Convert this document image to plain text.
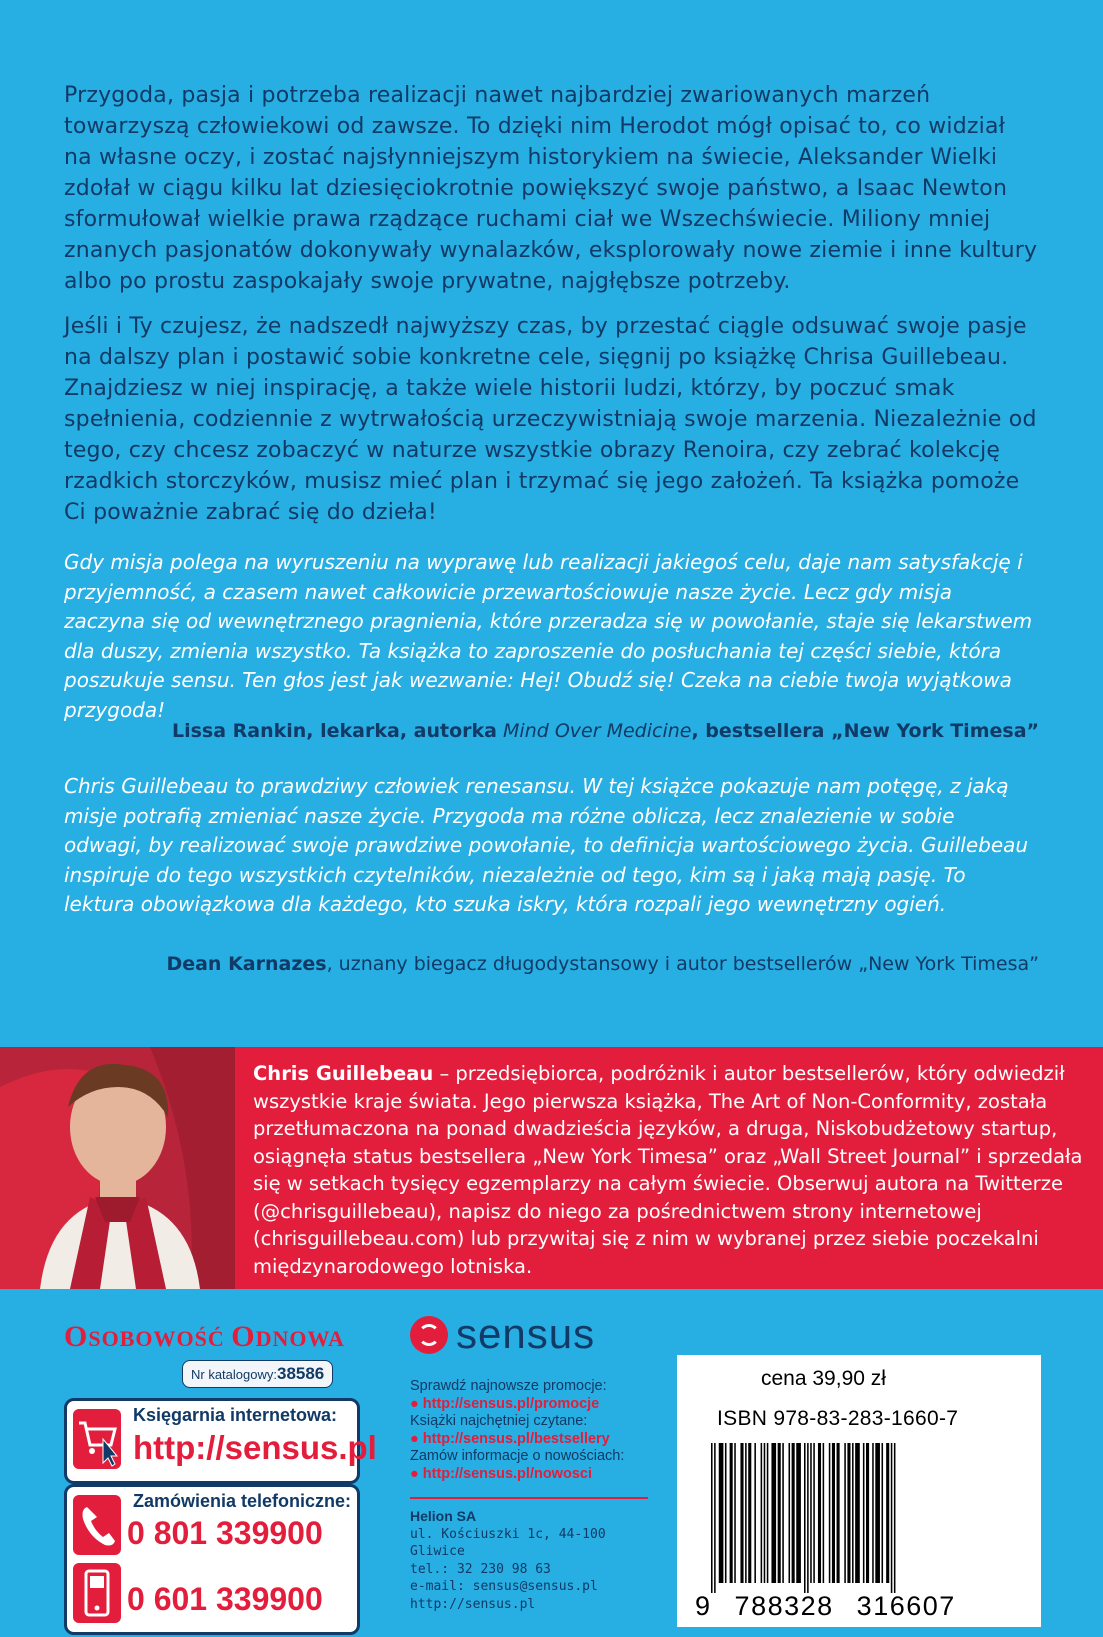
Przygoda, pasja i potrzeba realizacji nawet najbardziej zwariowanych marzeń towarzyszą człowiekowi od zawsze. To dzięki nim Herodot mógł opisać to, co widział na własne oczy, i zostać najsłynniejszym historykiem na świecie, Aleksander Wielki zdołał w ciągu kilku lat dziesięciokrotnie powiększyć swoje państwo, a Isaac Newton sformułował wielkie prawa rządzące ruchami ciał we Wszechświecie. Miliony mniej znanych pasjonatów dokonywały wynalazków, eksplorowały nowe ziemie i inne kultury albo po prostu zaspokajały swoje prywatne, najgłębsze potrzeby.

Jeśli i Ty czujesz, że nadszedł najwyższy czas, by przestać ciągle odsuwać swoje pasje na dalszy plan i postawić sobie konkretne cele, sięgnij po książkę Chrisa Guillebeau. Znajdziesz w niej inspirację, a także wiele historii ludzi, którzy, by poczuć smak spełnienia, codziennie z wytrwałością urzeczywistniają swoje marzenia. Niezależnie od tego, czy chcesz zobaczyć w naturze wszystkie obrazy Renoira, czy zebrać kolekcję rzadkich storczyków, musisz mieć plan i trzymać się jego założeń. Ta książka pomoże Ci poważnie zabrać się do dzieła!

Gdy misja polega na wyruszeniu na wyprawę lub realizacji jakiegoś celu, daje nam satysfakcję i przyjemność, a czasem nawet całkowicie przewartościowuje nasze życie. Lecz gdy misja zaczyna się od wewnętrznego pragnienia, które przeradza się w powołanie, staje się lekarstwem dla duszy, zmienia wszystko. Ta książka to zaproszenie do posłuchania tej części siebie, która poszukuje sensu. Ten głos jest jak wezwanie: Hej! Obudź się! Czeka na ciebie twoja wyjątkowa przygoda!

Lissa Rankin, lekarka, autorka Mind Over Medicine, bestsellera „New York Timesa”

Chris Guillebeau to prawdziwy człowiek renesansu. W tej książce pokazuje nam potęgę, z jaką misje potrafią zmieniać nasze życie. Przygoda ma różne oblicza, lecz znalezienie w sobie odwagi, by realizować swoje prawdziwe powołanie, to definicja wartościowego życia. Guillebeau inspiruje do tego wszystkich czytelników, niezależnie od tego, kim są i jaką mają pasję. To lektura obowiązkowa dla każdego, kto szuka iskry, która rozpali jego wewnętrzny ogień.

Dean Karnazes, uznany biegacz długodystansowy i autor bestsellerów „New York Timesa”
Chris Guillebeau – przedsiębiorca, podróżnik i autor bestsellerów, który odwiedził wszystkie kraje świata. Jego pierwsza książka, The Art of Non-Conformity, została przetłumaczona na ponad dwadzieścia języków, a druga, Niskobudżetowy startup, osiągnęła status bestsellera „New York Timesa” oraz „Wall Street Journal” i sprzedała się w setkach tysięcy egzemplarzy na całym świecie. Obserwuj autora na Twitterze (@chrisguillebeau), napisz do niego za pośrednictwem strony internetowej (chrisguillebeau.com) lub przywitaj się z nim w wybranej przez siebie poczekalni międzynarodowego lotniska.
OSOBOWOŚĆ ODNOWA
Nr katalogowy:38586
Księgarnia internetowa:
http://sensus.pl
Zamówienia telefoniczne:
0 801 339900
0 601 339900
sensus
Sprawdź najnowsze promocje:
● http://sensus.pl/promocje
Książki najchętniej czytane:
● http://sensus.pl/bestsellery
Zamów informacje o nowościach:
● http://sensus.pl/nowosci
Helion SA
ul. Kościuszki 1c, 44-100 Gliwice
tel.: 32 230 98 63
e-mail: sensus@sensus.pl
http://sensus.pl
cena 39,90 zł
ISBN 978-83-283-1660-7
9 788328 316607
